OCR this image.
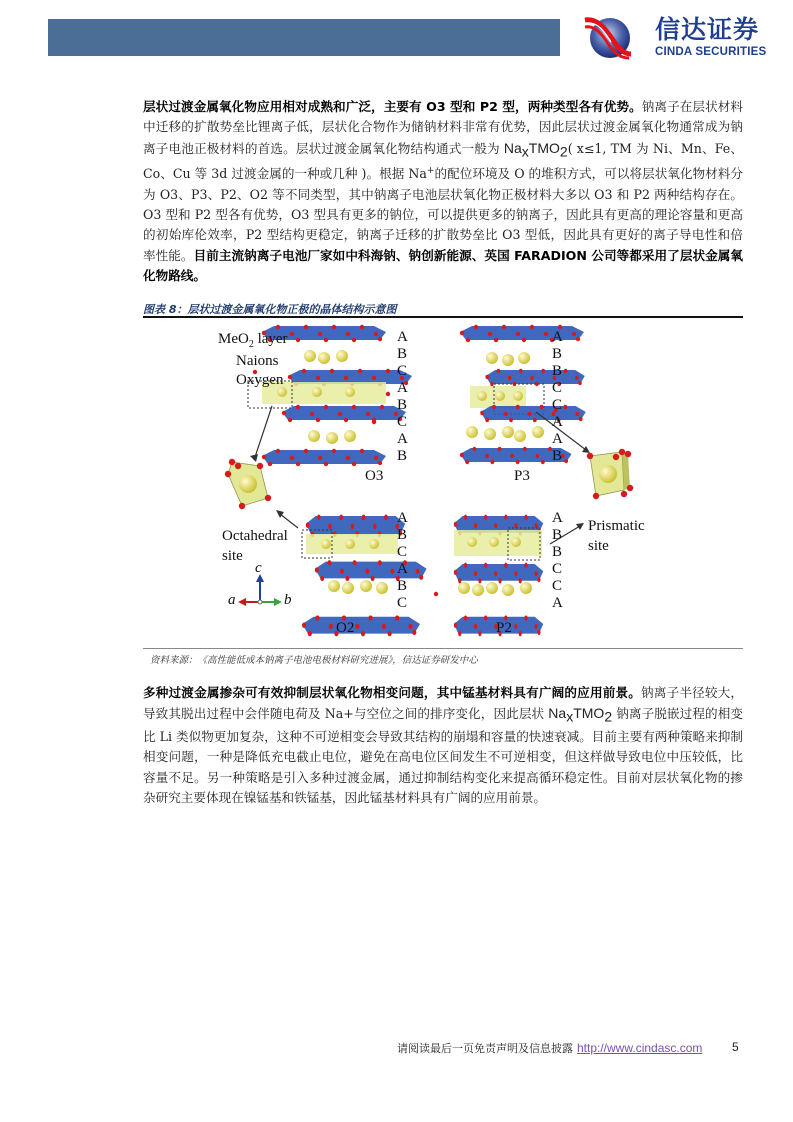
信达证券
CINDA SECURITIES
层状过渡金属氧化物应用相对成熟和广泛，主要有 O3 型和 P2 型，两种类型各有优势。钠离子在层状材料中迁移的扩散势垒比锂离子低，层状化合物作为储钠材料非常有优势，因此层状过渡金属氧化物通常成为钠离子电池正极材料的首选。层状过渡金属氧化物结构通式一般为 $Na_xTMO_2$( x≤1, TM 为 Ni、Mn、Fe、Co、Cu 等 3d 过渡金属的一种或几种 )。根据 Na+的配位环境及 O 的堆积方式，可以将层状氧化物材料分为 O3、P3、P2、O2 等不同类型，其中钠离子电池层状氧化物正极材料大多以 O3 和 P2 两种结构存在。O3 型和 P2 型各有优势，O3 型具有更多的钠位，可以提供更多的钠离子，因此具有更高的理论容量和更高的初始库伦效率，P2 型结构更稳定，钠离子迁移的扩散势垒比 O3 型低，因此具有更好的离子导电性和倍率性能。目前主流钠离子电池厂家如中科海钠、钠创新能源、英国 FARADION 公司等都采用了层状金属氧化物路线。
图表 8：层状过渡金属氧化物正极的晶体结构示意图
MeO$_2$ layer
Naions
Oxygen
O3	P3
Octahedral
site
Prismatic
site
O2	P2
c
a	b
A
B
C
A
B
C
A
B
A
B
B
C
C
A
A
B
A
B
C
A
B
C
A
B
B
C
C
A
资料来源：《高性能低成本钠离子电池电极材料研究进展》，信达证券研发中心
多种过渡金属掺杂可有效抑制层状氧化物相变问题，其中锰基材料具有广阔的应用前景。钠离子半径较大，导致其脱出过程中会伴随电荷及 Na+与空位之间的排序变化，因此层状 $Na_xTMO_2$ 钠离子脱嵌过程的相变比 Li 类似物更加复杂，这种不可逆相变会导致其结构的崩塌和容量的快速衰减。目前主要有两种策略来抑制相变问题，一种是降低充电截止电位，避免在高电位区间发生不可逆相变，但这样做导致电位中压较低，比容量不足。另一种策略是引入多种过渡金属，通过抑制结构变化来提高循环稳定性。目前对层状氧化物的掺杂研究主要体现在镍锰基和铁锰基，因此锰基材料具有广阔的应用前景。
请阅读最后一页免责声明及信息披露 http://www.cindasc.com 5
